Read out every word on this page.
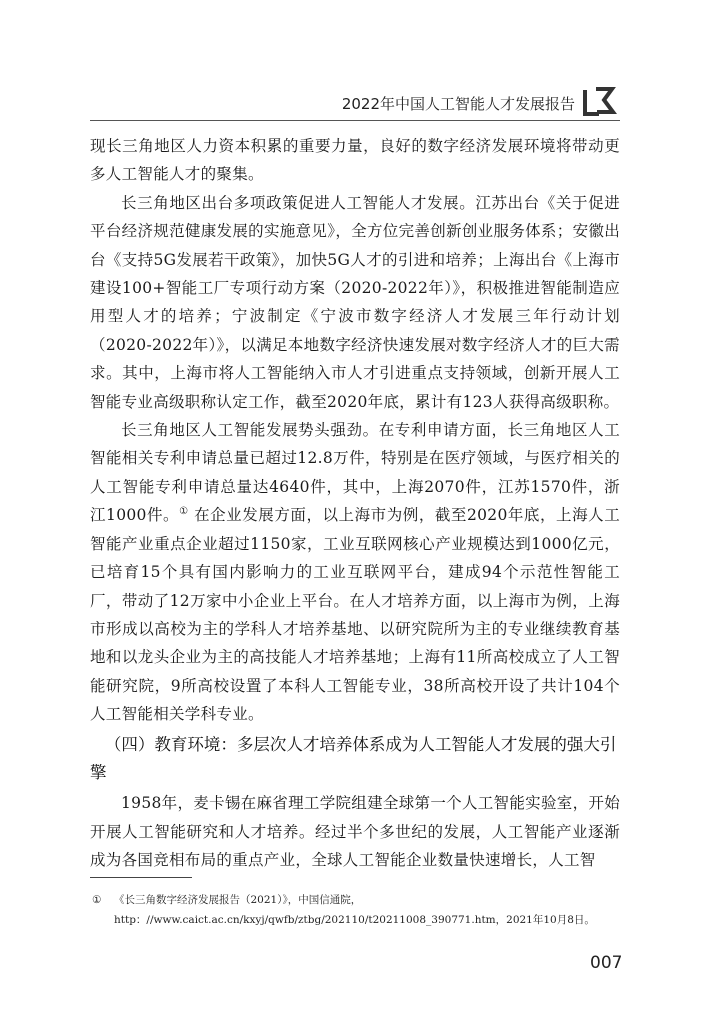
2022年中国人工智能人才发展报告

现长三角地区人力资本积累的重要力量，良好的数字经济发展环境将带动更多人工智能人才的聚集。

长三角地区出台多项政策促进人工智能人才发展。江苏出台《关于促进平台经济规范健康发展的实施意见》，全方位完善创新创业服务体系；安徽出台《支持5G发展若干政策》，加快5G人才的引进和培养；上海出台《上海市建设100+智能工厂专项行动方案（2020-2022年）》，积极推进智能制造应用型人才的培养；宁波制定《宁波市数字经济人才发展三年行动计划（2020-2022年）》，以满足本地数字经济快速发展对数字经济人才的巨大需求。其中，上海市将人工智能纳入市人才引进重点支持领域，创新开展人工智能专业高级职称认定工作，截至2020年底，累计有123人获得高级职称。

长三角地区人工智能发展势头强劲。在专利申请方面，长三角地区人工智能相关专利申请总量已超过12.8万件，特别是在医疗领域，与医疗相关的人工智能专利申请总量达4640件，其中，上海2070件，江苏1570件，浙江1000件。① 在企业发展方面，以上海市为例，截至2020年底，上海人工智能产业重点企业超过1150家，工业互联网核心产业规模达到1000亿元，已培育15个具有国内影响力的工业互联网平台，建成94个示范性智能工厂，带动了12万家中小企业上平台。在人才培养方面，以上海市为例，上海市形成以高校为主的学科人才培养基地、以研究院所为主的专业继续教育基地和以龙头企业为主的高技能人才培养基地；上海有11所高校成立了人工智能研究院，9所高校设置了本科人工智能专业，38所高校开设了共计104个人工智能相关学科专业。

（四）教育环境：多层次人才培养体系成为人工智能人才发展的强大引擎

1958年，麦卡锡在麻省理工学院组建全球第一个人工智能实验室，开始开展人工智能研究和人才培养。经过半个多世纪的发展，人工智能产业逐渐成为各国竞相布局的重点产业，全球人工智能企业数量快速增长，人工智

① 《长三角数字经济发展报告（2021）》，中国信通院，http：//www.caict.ac.cn/kxyj/qwfb/ztbg/202110/t20211008_390771.htm，2021年10月8日。

007
